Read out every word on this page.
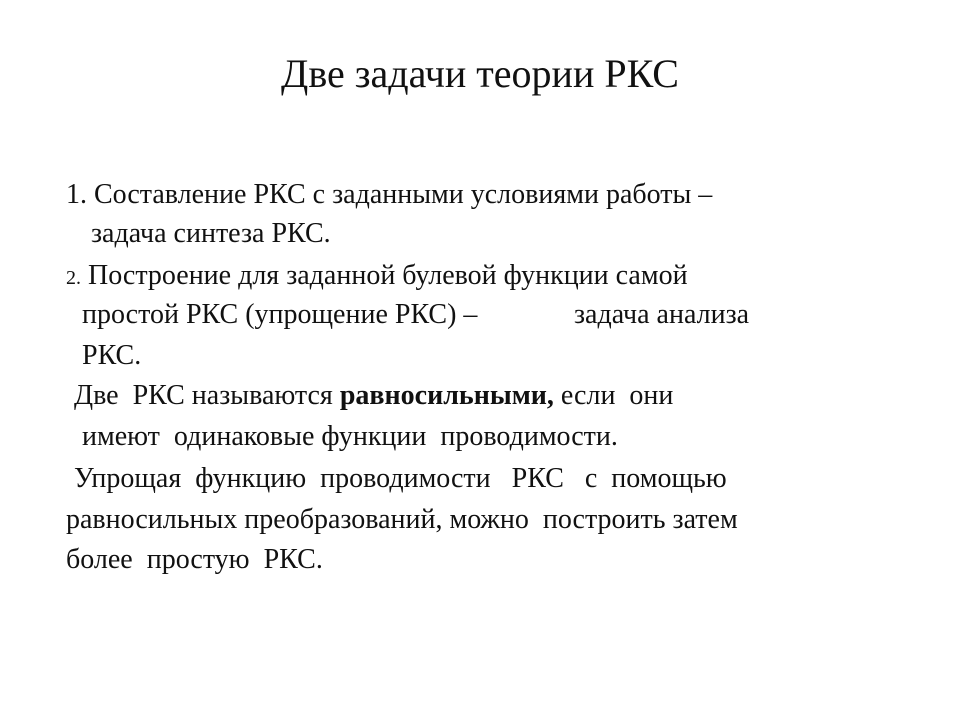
Две задачи теории РКС
1. Составление РКС с заданными условиями работы –
задача синтеза РКС.
2. Построение для заданной булевой функции самой
простой РКС (упрощение РКС) –	задача анализа
РКС.
Две  РКС называются равносильными, если  они
имеют  одинаковые функции  проводимости.
Упрощая  функцию  проводимости   РКС   с  помощью
равносильных преобразований, можно  построить затем
более  простую  РКС.
